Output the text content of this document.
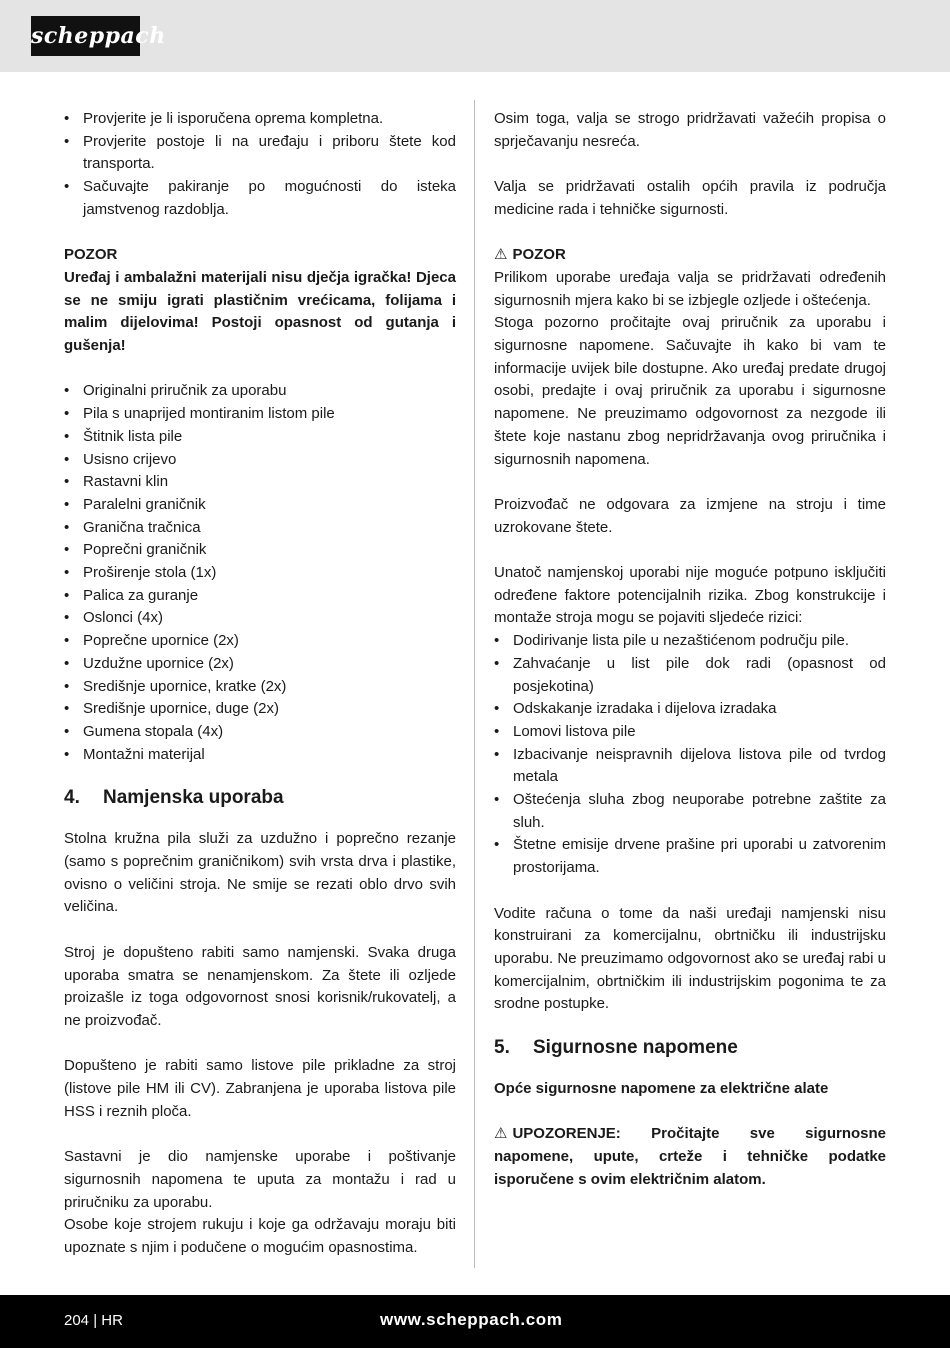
scheppach
• Provjerite je li isporučena oprema kompletna.
• Provjerite postoje li na uređaju i priboru štete kod transporta.
• Sačuvajte pakiranje po mogućnosti do isteka jamstvenog razdoblja.

POZOR

Uređaj i ambalažni materijali nisu dječja igračka! Djeca se ne smiju igrati plastičnim vrećicama, folijama i malim dijelovima! Postoji opasnost od gutanja i gušenja!

• Originalni priručnik za uporabu
• Pila s unaprijed montiranim listom pile
• Štitnik lista pile
• Usisno crijevo
• Rastavni klin
• Paralelni graničnik
• Granična tračnica
• Poprečni graničnik
• Proširenje stola (1x)
• Palica za guranje
• Oslonci (4x)
• Poprečne upornice (2x)
• Uzdužne upornice (2x)
• Središnje upornice, kratke (2x)
• Središnje upornice, duge (2x)
• Gumena stopala (4x)
• Montažni materijal
4. Namjenska uporaba

Stolna kružna pila služi za uzdužno i poprečno rezanje (samo s poprečnim graničnikom) svih vrsta drva i plastike, ovisno o veličini stroja. Ne smije se rezati oblo drvo svih veličina.

Stroj je dopušteno rabiti samo namjenski. Svaka druga uporaba smatra se nenamjenskom. Za štete ili ozljede proizašle iz toga odgovornost snosi korisnik/rukovatelj, a ne proizvođač.

Dopušteno je rabiti samo listove pile prikladne za stroj (listove pile HM ili CV). Zabranjena je uporaba listova pile HSS i reznih ploča.

Sastavni je dio namjenske uporabe i poštivanje sigurnosnih napomena te uputa za montažu i rad u priručniku za uporabu.

Osobe koje strojem rukuju i koje ga održavaju moraju biti upoznate s njim i podučene o mogućim opasnostima.

Osim toga, valja se strogo pridržavati važećih propisa o sprječavanju nesreća.

Valja se pridržavati ostalih općih pravila iz područja medicine rada i tehničke sigurnosti.

⚠ POZOR

Prilikom uporabe uređaja valja se pridržavati određenih sigurnosnih mjera kako bi se izbjegle ozljede i oštećenja.

Stoga pozorno pročitajte ovaj priručnik za uporabu i sigurnosne napomene. Sačuvajte ih kako bi vam te informacije uvijek bile dostupne. Ako uređaj predate drugoj osobi, predajte i ovaj priručnik za uporabu i sigurnosne napomene. Ne preuzimamo odgovornost za nezgode ili štete koje nastanu zbog nepridržavanja ovog priručnika i sigurnosnih napomena.

Proizvođač ne odgovara za izmjene na stroju i time uzrokovane štete.

Unatoč namjenskoj uporabi nije moguće potpuno isključiti određene faktore potencijalnih rizika. Zbog konstrukcije i montaže stroja mogu se pojaviti sljedeće rizici:

• Dodirivanje lista pile u nezaštićenom području pile.
• Zahvaćanje u list pile dok radi (opasnost od posjekotina)
• Odskakanje izradaka i dijelova izradaka
• Lomovi listova pile
• Izbacivanje neispravnih dijelova listova pile od tvrdog metala
• Oštećenja sluha zbog neuporabe potrebne zaštite za sluh.
• Štetne emisije drvene prašine pri uporabi u zatvorenim prostorijama.

Vodite računa o tome da naši uređaji namjenski nisu konstruirani za komercijalnu, obrtničku ili industrijsku uporabu. Ne preuzimamo odgovornost ako se uređaj rabi u komercijalnim, obrtničkim ili industrijskim pogonima te za srodne postupke.

5. Sigurnosne napomene

Opće sigurnosne napomene za električne alate

⚠ UPOZORENJE: Pročitajte sve sigurnosne napomene, upute, crteže i tehničke podatke isporučene s ovim električnim alatom.

204 | HR	www.scheppach.com
